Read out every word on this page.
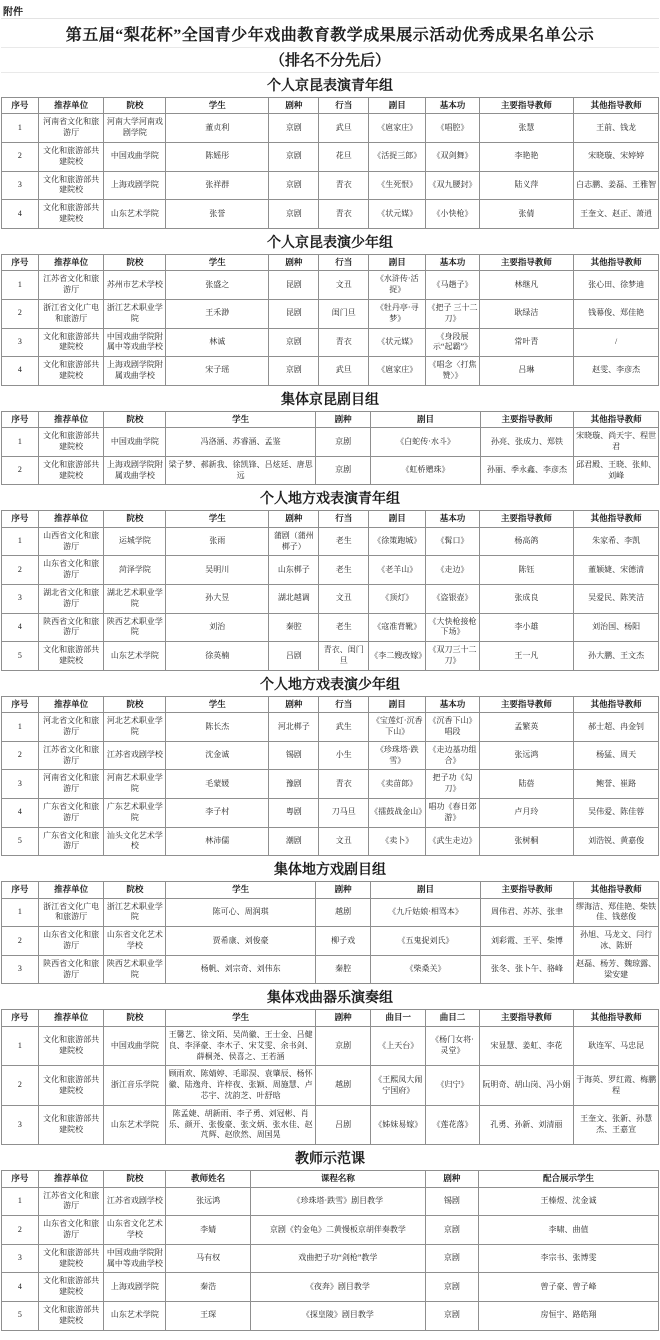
附件
第五届“梨花杯”全国青少年戏曲教育教学成果展示活动优秀成果名单公示
（排名不分先后）
个人京昆表演青年组
序号	推荐单位	院校	学生	剧种	行当	剧目	基本功	主要指导教师	其他指导教师
1	河南省文化和旅游厅	河南大学河南戏剧学院	董贞利	京剧	武旦	《扈家庄》	《唱腔》	张慧	王前、钱龙
2	文化和旅游部共建院校	中国戏曲学院	陈媱彤	京剧	花旦	《活捉三郎》	《双剑舞》	李艳艳	宋晓璇、宋婷婷
3	文化和旅游部共建院校	上海戏剧学院	张祥群	京剧	青衣	《生死恨》	《双九腰封》	陆义萍	白志鹏、姜磊、王雅智
4	文化和旅游部共建院校	山东艺术学院	张誉	京剧	青衣	《状元媒》	《小快枪》	张倩	王奎文、赵正、萧逍
个人京昆表演少年组
序号	推荐单位	院校	学生	剧种	行当	剧目	基本功	主要指导教师	其他指导教师
1	江苏省文化和旅游厅	苏州市艺术学校	张盛之	昆剧	文丑	《水浒传·活捉》	《马趟子》	林继凡	张心田、徐梦迪
2	浙江省文化广电和旅游厅	浙江艺术职业学院	王禾渺	昆剧	闺门旦	《牡丹亭·寻梦》	《把子 三十二刀》	耿绿洁	钱幕俊、郑佳艳
3	文化和旅游部共建院校	中国戏曲学院附属中等戏曲学校	林诚	京剧	青衣	《状元媒》	《身段展示“起霸”》	常叶青	/
4	文化和旅游部共建院校	上海戏剧学院附属戏曲学校	宋子瑶	京剧	武旦	《扈家庄》	《唱念〈打焦赞〉》	吕琳	赵雯、李彦杰
集体京昆剧目组
序号	推荐单位	院校	学生	剧种	剧目	主要指导教师	其他指导教师
1	文化和旅游部共建院校	中国戏曲学院	冯洛涵、苏睿涵、孟鉴	京剧	《白蛇传·水斗》	孙亮、张成力、郑铁	宋晓璇、尚天宇、程世君
2	文化和旅游部共建院校	上海戏剧学院附属戏曲学校	梁子梦、郝新我、徐凯锋、吕炫廷、唐思远	京剧	《虹桥赠珠》	孙丽、季永鑫、李彦杰	邱君殿、王晓、张帅、刘峰
个人地方戏表演青年组
序号	推荐单位	院校	学生	剧种	行当	剧目	基本功	主要指导教师	其他指导教师
1	山西省文化和旅游厅	运城学院	张雨	蒲剧（蒲州梆子）	老生	《徐策跑城》	《髯口》	杨高鸽	朱家希、李凯
2	山东省文化和旅游厅	菏泽学院	吴明川	山东梆子	老生	《老羊山》	《走边》	陈钰	董颖婕、宋德清
3	湖北省文化和旅游厅	湖北艺术职业学院	孙大昱	湖北越调	文丑	《顶灯》	《盗银壶》	张成良	吴爱民、陈笑洁
4	陕西省文化和旅游厅	陕西艺术职业学院	刘治	秦腔	老生	《寇准背靴》	《大快枪接枪下场》	李小雄	刘治国、杨阳
5	文化和旅游部共建院校	山东艺术学院	徐英楠	吕剧	青衣、闺门旦	《李二嫂改嫁》	《双刀三十二刀》	王一凡	孙大鹏、王文杰
个人地方戏表演少年组
序号	推荐单位	院校	学生	剧种	行当	剧目	基本功	主要指导教师	其他指导教师
1	河北省文化和旅游厅	河北艺术职业学院	陈长杰	河北梆子	武生	《宝莲灯·沉香下山》	《沉香下山》唱段	孟繁英	郝士超、冉金钊
2	江苏省文化和旅游厅	江苏省戏剧学校	沈金诚	锡剧	小生	《珍珠塔·跌雪》	《走边基功组合》	张远鸿	杨猛、周天
3	河南省文化和旅游厅	河南艺术职业学院	毛蒙媛	豫剧	青衣	《卖苗郎》	把子功《勾刀》	陆蓓	鲍誉、崔路
4	广东省文化和旅游厅	广东艺术职业学院	李子村	粤剧	刀马旦	《擂鼓战金山》	唱功《春日郊游》	卢月玲	吴伟爱、陈佳蓉
5	广东省文化和旅游厅	汕头文化艺术学校	林沛儒	潮剧	文丑	《卖卜》	《武生走边》	张树桐	刘浩锐、黄嘉俊
集体地方戏剧目组
序号	推荐单位	院校	学生	剧种	剧目	主要指导教师	其他指导教师
1	浙江省文化广电和旅游厅	浙江艺术职业学院	陈可心、周润琪	越剧	《九斤姑娘·相骂本》	周伟君、苏苏、张聿	缪海洁、郑佳艳、柴铁佳、钱慈俊
2	山东省文化和旅游厅	山东省文化艺术学校	贾希康、刘俊豪	柳子戏	《五鬼捉刘氏》	刘彩霞、王平、柴博	孙旭、马龙文、闫行冰、陈妍
3	陕西省文化和旅游厅	陕西艺术职业学院	杨帆、刘宗奇、刘伟东	秦腔	《柴桑关》	张冬、张卜午、骆峰	赵磊、杨芳、魏琼露、梁安建
集体戏曲器乐演奏组
序号	推荐单位	院校	学生	剧种	曲目一	曲目二	主要指导教师	其他指导教师
1	文化和旅游部共建院校	中国戏曲学院	王馨艺、徐文陌、吴尚徽、王士金、吕健良、李泽豪、李木子、宋艾雯、余书剑、薛桐尧、侯喜之、王若涵	京剧	《上天台》	《杨门女将·灵堂》	宋显慧、姜虹、李花	耿连军、马忠昆
2	文化和旅游部共建院校	浙江音乐学院	顾雨欢、陈婧婷、毛耶淏、袁肇辰、杨怀徽、陆逸舟、许梓夜、张颖、周施慧、卢芯宇、沈韵芝、叶舒晗	越剧	《王熙凤大闹宁国府》	《归宁》	阮明奇、胡山岗、冯小娟	于海英、罗红霞、梅鹏程
3	文化和旅游部共建院校	山东艺术学院	陈孟婕、胡新雨、李子勇、刘冠彬、肖乐、颜开、张俊豪、张文炳、张水佳、赵芃辉、赵欣然、周国晃	吕剧	《姊妹易嫁》	《莲花落》	孔勇、孙新、刘清丽	王奎文、张新、孙慧杰、王嘉宣
教师示范课
序号	推荐单位	院校	教师姓名	课程名称	剧种	配合展示学生
1	江苏省文化和旅游厅	江苏省戏剧学校	张远鸿	《珍珠塔·跌雪》剧目教学	锡剧	王榛煜、沈金诚
2	山东省文化和旅游厅	山东省文化艺术学校	李婧	京剧《钓金龟》二黄慢板京胡伴奏教学	京剧	李啸、曲值
3	文化和旅游部共建院校	中国戏曲学院附属中等戏曲学校	马有权	戏曲把子功“剑枪”教学	京剧	李宗书、张博雯
4	文化和旅游部共建院校	上海戏剧学院	秦浩	《夜奔》剧目教学	京剧	曾子豪、曾子峰
5	文化和旅游部共建院校	山东艺术学院	王琛	《探皇陵》剧目教学	京剧	房恒宇、路皓翔
